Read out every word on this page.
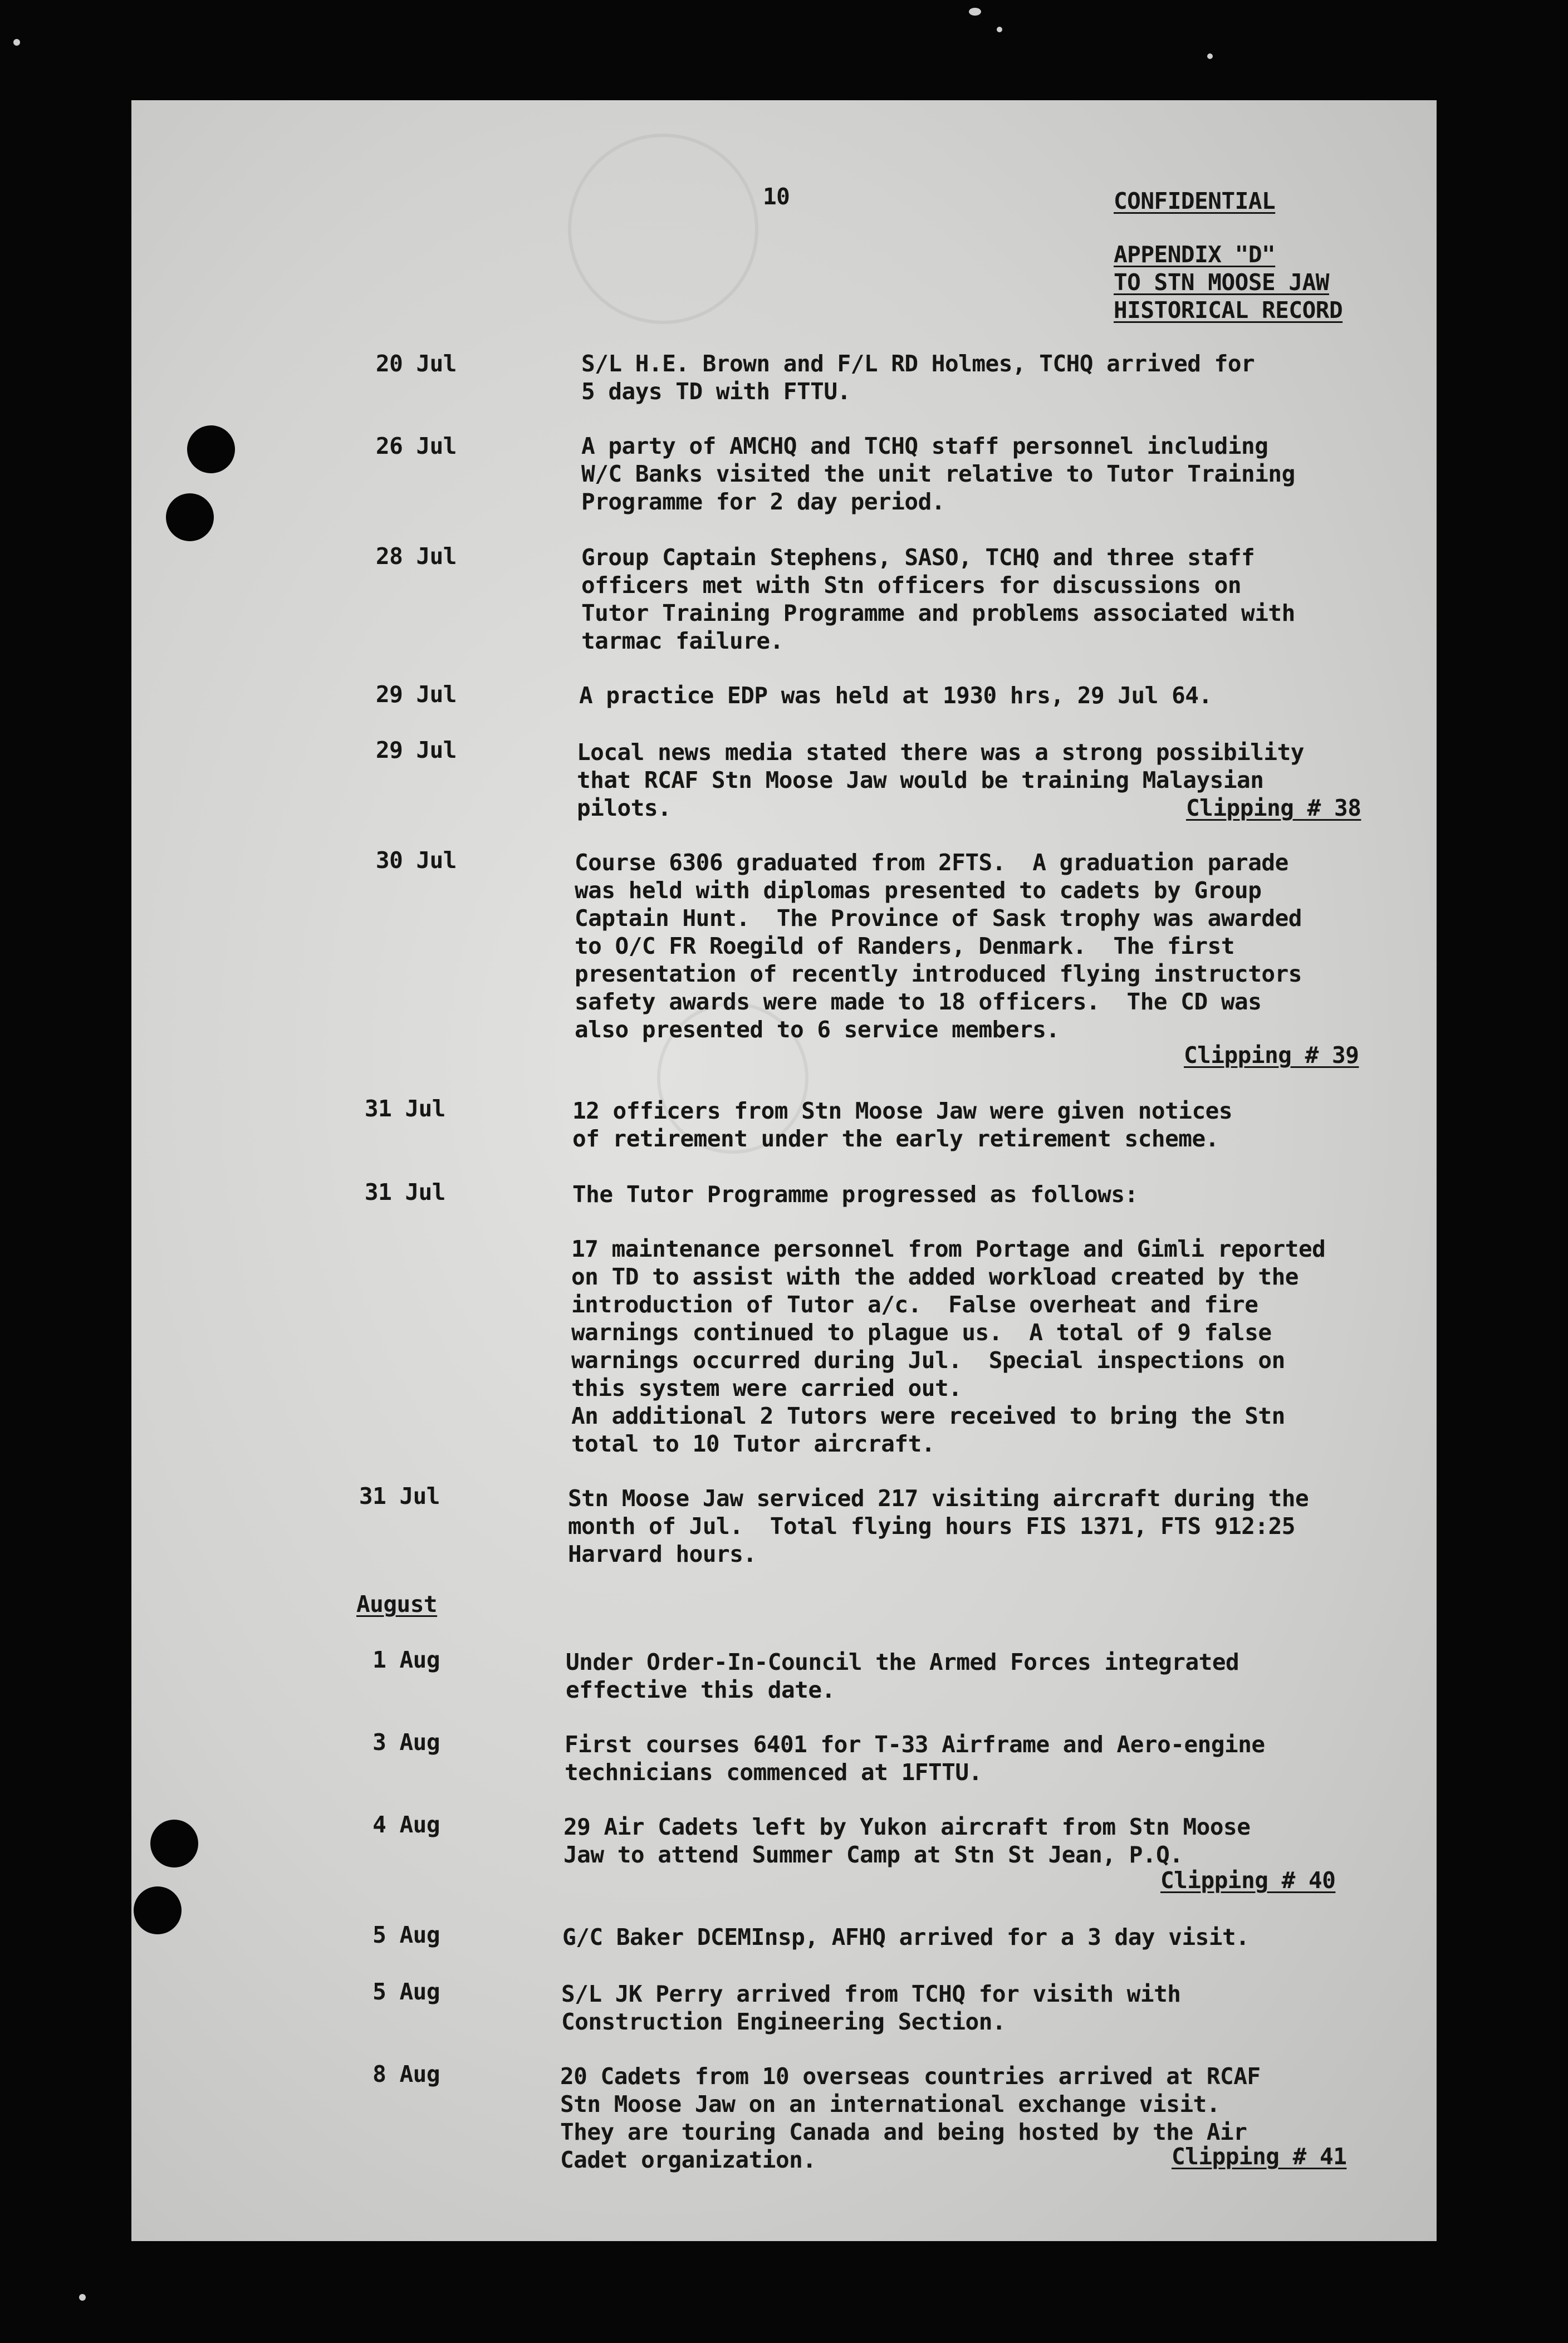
10	CONFIDENTIAL
APPENDIX "D"
TO STN MOOSE JAW
HISTORICAL RECORD
20 Jul	S/L H.E. Brown and F/L RD Holmes, TCHQ arrived for
5 days TD with FTTU.
26 Jul	A party of AMCHQ and TCHQ staff personnel including
W/C Banks visited the unit relative to Tutor Training
Programme for 2 day period.
28 Jul	Group Captain Stephens, SASO, TCHQ and three staff
officers met with Stn officers for discussions on
Tutor Training Programme and problems associated with
tarmac failure.
29 Jul	A practice EDP was held at 1930 hrs, 29 Jul 64.
29 Jul	Local news media stated there was a strong possibility
that RCAF Stn Moose Jaw would be training Malaysian
pilots.	Clipping # 38
30 Jul	Course 6306 graduated from 2FTS.  A graduation parade
was held with diplomas presented to cadets by Group
Captain Hunt.  The Province of Sask trophy was awarded
to O/C FR Roegild of Randers, Denmark.  The first
presentation of recently introduced flying instructors
safety awards were made to 18 officers.  The CD was
also presented to 6 service members.
Clipping # 39
31 Jul	12 officers from Stn Moose Jaw were given notices
of retirement under the early retirement scheme.
31 Jul	The Tutor Programme progressed as follows:
17 maintenance personnel from Portage and Gimli reported
on TD to assist with the added workload created by the
introduction of Tutor a/c.  False overheat and fire
warnings continued to plague us.  A total of 9 false
warnings occurred during Jul.  Special inspections on
this system were carried out.
An additional 2 Tutors were received to bring the Stn
total to 10 Tutor aircraft.
31 Jul	Stn Moose Jaw serviced 217 visiting aircraft during the
month of Jul.  Total flying hours FIS 1371, FTS 912:25
Harvard hours.
August
1 Aug	Under Order-In-Council the Armed Forces integrated
effective this date.
3 Aug	First courses 6401 for T-33 Airframe and Aero-engine
technicians commenced at 1FTTU.
4 Aug	29 Air Cadets left by Yukon aircraft from Stn Moose
Jaw to attend Summer Camp at Stn St Jean, P.Q.
Clipping # 40
5 Aug	G/C Baker DCEMInsp, AFHQ arrived for a 3 day visit.
5 Aug	S/L JK Perry arrived from TCHQ for visith with
Construction Engineering Section.
8 Aug	20 Cadets from 10 overseas countries arrived at RCAF
Stn Moose Jaw on an international exchange visit.
They are touring Canada and being hosted by the Air
Cadet organization.	Clipping # 41
